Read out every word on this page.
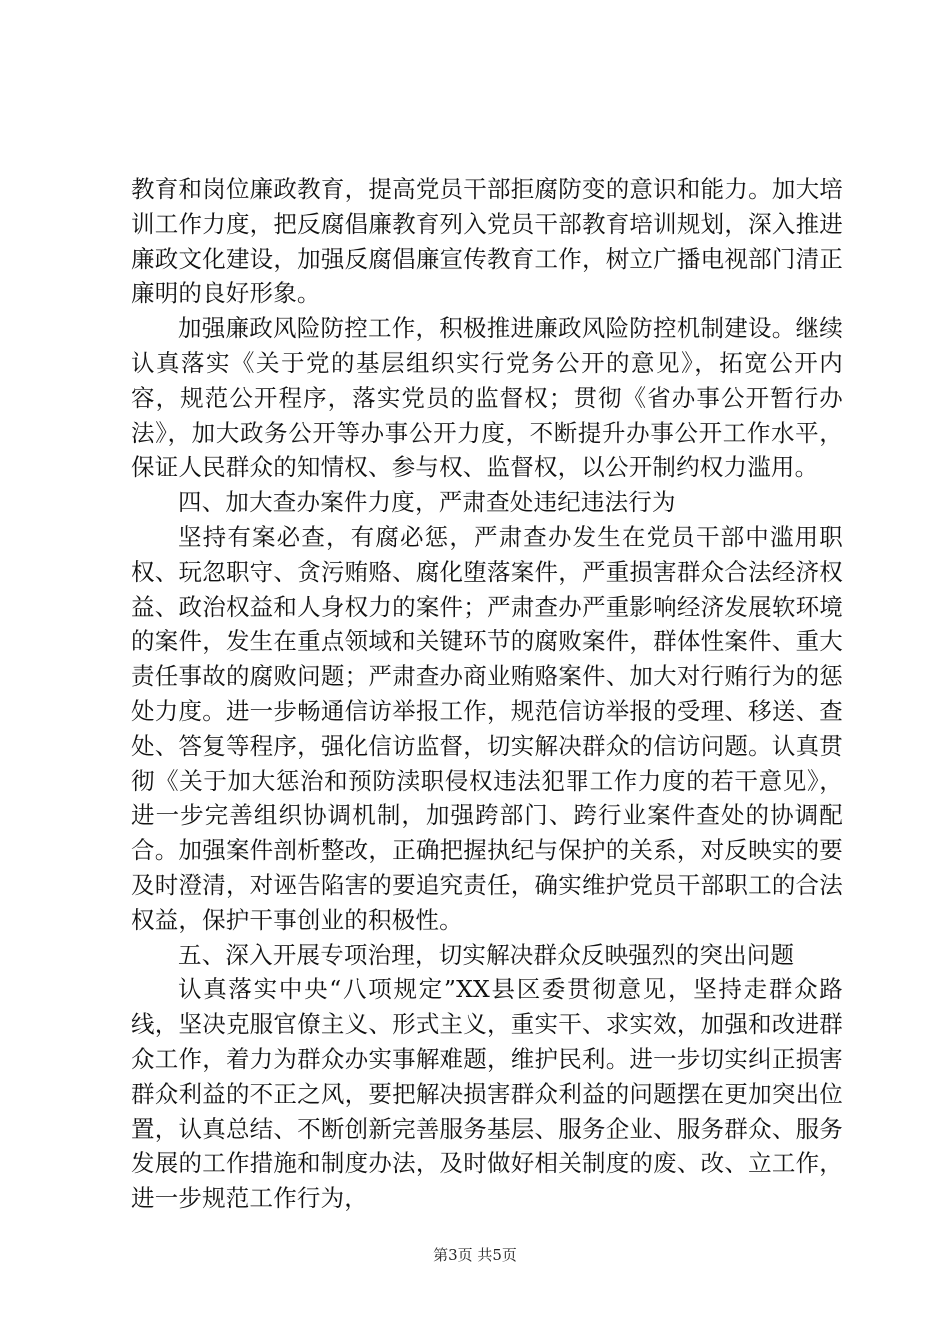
教育和岗位廉政教育，提高党员干部拒腐防变的意识和能力。加大培训工作力度，把反腐倡廉教育列入党员干部教育培训规划，深入推进廉政文化建设，加强反腐倡廉宣传教育工作，树立广播电视部门清正廉明的良好形象。

加强廉政风险防控工作，积极推进廉政风险防控机制建设。继续认真落实《关于党的基层组织实行党务公开的意见》，拓宽公开内容，规范公开程序，落实党员的监督权；贯彻《省办事公开暂行办法》，加大政务公开等办事公开力度，不断提升办事公开工作水平，保证人民群众的知情权、参与权、监督权，以公开制约权力滥用。

四、加大查办案件力度，严肃查处违纪违法行为

坚持有案必查，有腐必惩，严肃查办发生在党员干部中滥用职权、玩忽职守、贪污贿赂、腐化堕落案件，严重损害群众合法经济权益、政治权益和人身权力的案件；严肃查办严重影响经济发展软环境的案件，发生在重点领域和关键环节的腐败案件，群体性案件、重大责任事故的腐败问题；严肃查办商业贿赂案件、加大对行贿行为的惩处力度。进一步畅通信访举报工作，规范信访举报的受理、移送、查处、答复等程序，强化信访监督，切实解决群众的信访问题。认真贯彻《关于加大惩治和预防渎职侵权违法犯罪工作力度的若干意见》，进一步完善组织协调机制，加强跨部门、跨行业案件查处的协调配合。加强案件剖析整改，正确把握执纪与保护的关系，对反映实的要及时澄清，对诬告陷害的要追究责任，确实维护党员干部职工的合法权益，保护干事创业的积极性。

五、深入开展专项治理，切实解决群众反映强烈的突出问题

认真落实中央“八项规定”XX县区委贯彻意见，坚持走群众路线，坚决克服官僚主义、形式主义，重实干、求实效，加强和改进群众工作，着力为群众办实事解难题，维护民利。进一步切实纠正损害群众利益的不正之风，要把解决损害群众利益的问题摆在更加突出位置，认真总结、不断创新完善服务基层、服务企业、服务群众、服务发展的工作措施和制度办法，及时做好相关制度的废、改、立工作，进一步规范工作行为，

第3页 共5页
